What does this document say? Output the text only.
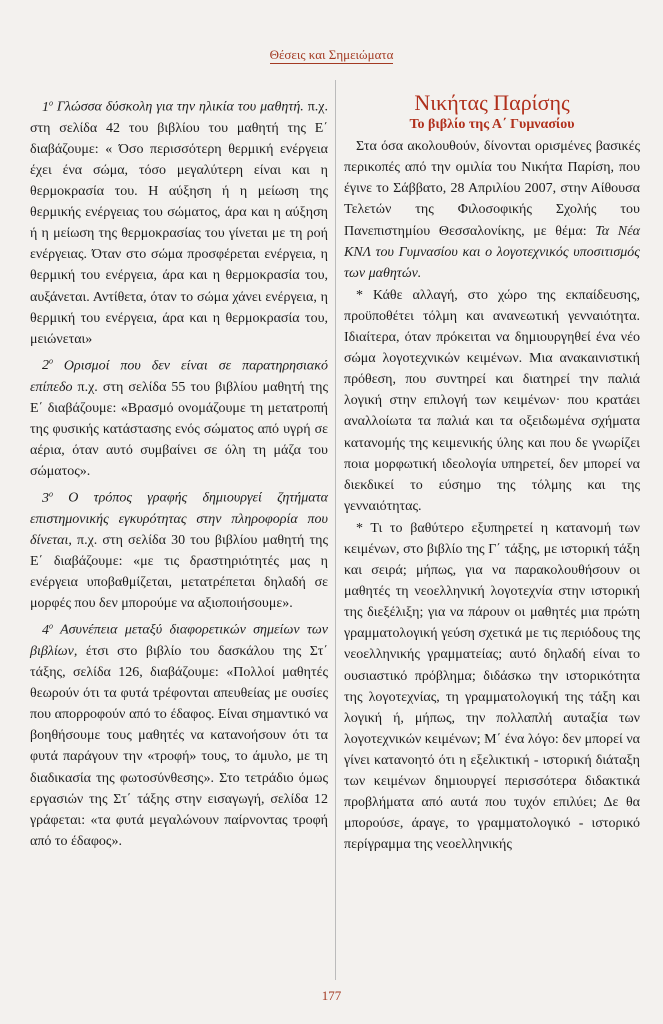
Θέσεις και Σημειώματα

$1^o$ Γλώσσα δύσκολη για την ηλικία του μαθητή. π.χ. στη σελίδα 42 του βιβλίου του μαθητή της Ε΄ διαβάζουμε: « Όσο περισσότερη θερμική ενέργεια έχει ένα σώμα, τόσο μεγαλύτερη είναι και η θερμοκρασία του. Η αύξηση ή η μείωση της θερμικής ενέργειας του σώματος, άρα και η αύξηση ή η μείωση της θερμοκρασίας του γίνεται με τη ροή ενέργειας. Όταν στο σώμα προσφέρεται ενέργεια, η θερμική του ενέργεια, άρα και η θερμοκρασία του, αυξάνεται. Αντίθετα, όταν το σώμα χάνει ενέργεια, η θερμική του ενέργεια, άρα και η θερμοκρασία του, μειώνεται»

$2^o$ Ορισμοί που δεν είναι σε παρατηρησιακό επίπεδο π.χ. στη σελίδα 55 του βιβλίου μαθητή της Ε΄ διαβάζουμε: «Βρασμό ονομάζουμε τη μετατροπή της φυσικής κατάστασης ενός σώματος από υγρή σε αέρια, όταν αυτό συμβαίνει σε όλη τη μάζα του σώματος».

$3^o$ Ο τρόπος γραφής δημιουργεί ζητήματα επιστημονικής εγκυρότητας στην πληροφορία που δίνεται, π.χ. στη σελίδα 30 του βιβλίου μαθητή της Ε΄ διαβάζουμε: «με τις δραστηριότητές μας η ενέργεια υποβαθμίζεται, μετατρέπεται δηλαδή σε μορφές που δεν μπορούμε να αξιοποιήσουμε».

$4^o$ Ασυνέπεια μεταξύ διαφορετικών σημείων των βιβλίων, έτσι στο βιβλίο του δασκάλου της Στ΄ τάξης, σελίδα 126, διαβάζουμε: «Πολλοί μαθητές θεωρούν ότι τα φυτά τρέφονται απευθείας με ουσίες που απορροφούν από το έδαφος. Είναι σημαντικό να βοηθήσουμε τους μαθητές να κατανοήσουν ότι τα φυτά παράγουν την «τροφή» τους, το άμυλο, με τη διαδικασία της φωτοσύνθεσης». Στο τετράδιο όμως εργασιών της Στ΄ τάξης στην εισαγωγή, σελίδα 12 γράφεται: «τα φυτά μεγαλώνουν παίρνοντας τροφή από το έδαφος».

Νικήτας Παρίσης

Το βιβλίο της Α΄ Γυμνασίου

Στα όσα ακολουθούν, δίνονται ορισμένες βασικές περικοπές από την ομιλία του Νικήτα Παρίση, που έγινε το Σάββατο, 28 Απριλίου 2007, στην Αίθουσα Τελετών της Φιλοσοφικής Σχολής του Πανεπιστημίου Θεσσαλονίκης, με θέμα: Τα Νέα ΚΝΛ του Γυμνασίου και ο λογοτεχνικός υποσιτισμός των μαθητών.

* Κάθε αλλαγή, στο χώρο της εκπαίδευσης, προϋποθέτει τόλμη και ανανεωτική γενναιότητα. Ιδιαίτερα, όταν πρόκειται να δημιουργηθεί ένα νέο σώμα λογοτεχνικών κειμένων. Μια ανακαινιστική πρόθεση, που συντηρεί και διατηρεί την παλιά λογική στην επιλογή των κειμένων· που κρατάει αναλλοίωτα τα παλιά και τα οξειδωμένα σχήματα κατανομής της κειμενικής ύλης και που δε γνωρίζει ποια μορφωτική ιδεολογία υπηρετεί, δεν μπορεί να διεκδικεί το εύσημο της τόλμης και της γενναιότητας.

* Τι το βαθύτερο εξυπηρετεί η κατανομή των κειμένων, στο βιβλίο της Γ΄ τάξης, με ιστορική τάξη και σειρά; μήπως, για να παρακολουθήσουν οι μαθητές τη νεοελληνική λογοτεχνία στην ιστορική της διεξέλιξη; για να πάρουν οι μαθητές μια πρώτη γραμματολογική γεύση σχετικά με τις περιόδους της νεοελληνικής γραμματείας; αυτό δηλαδή είναι το ουσιαστικό πρόβλημα; διδάσκω την ιστορικότητα της λογοτεχνίας, τη γραμματολογική της τάξη και λογική ή, μήπως, την πολλαπλή αυταξία των λογοτεχνικών κειμένων; Μ΄ ένα λόγο: δεν μπορεί να γίνει κατανοητό ότι η εξελικτική - ιστορική διάταξη των κειμένων δημιουργεί περισσότερα διδακτικά προβλήματα από αυτά που τυχόν επιλύει; Δε θα μπορούσε, άραγε, το γραμματολογικό - ιστορικό περίγραμμα της νεοελληνικής

177
